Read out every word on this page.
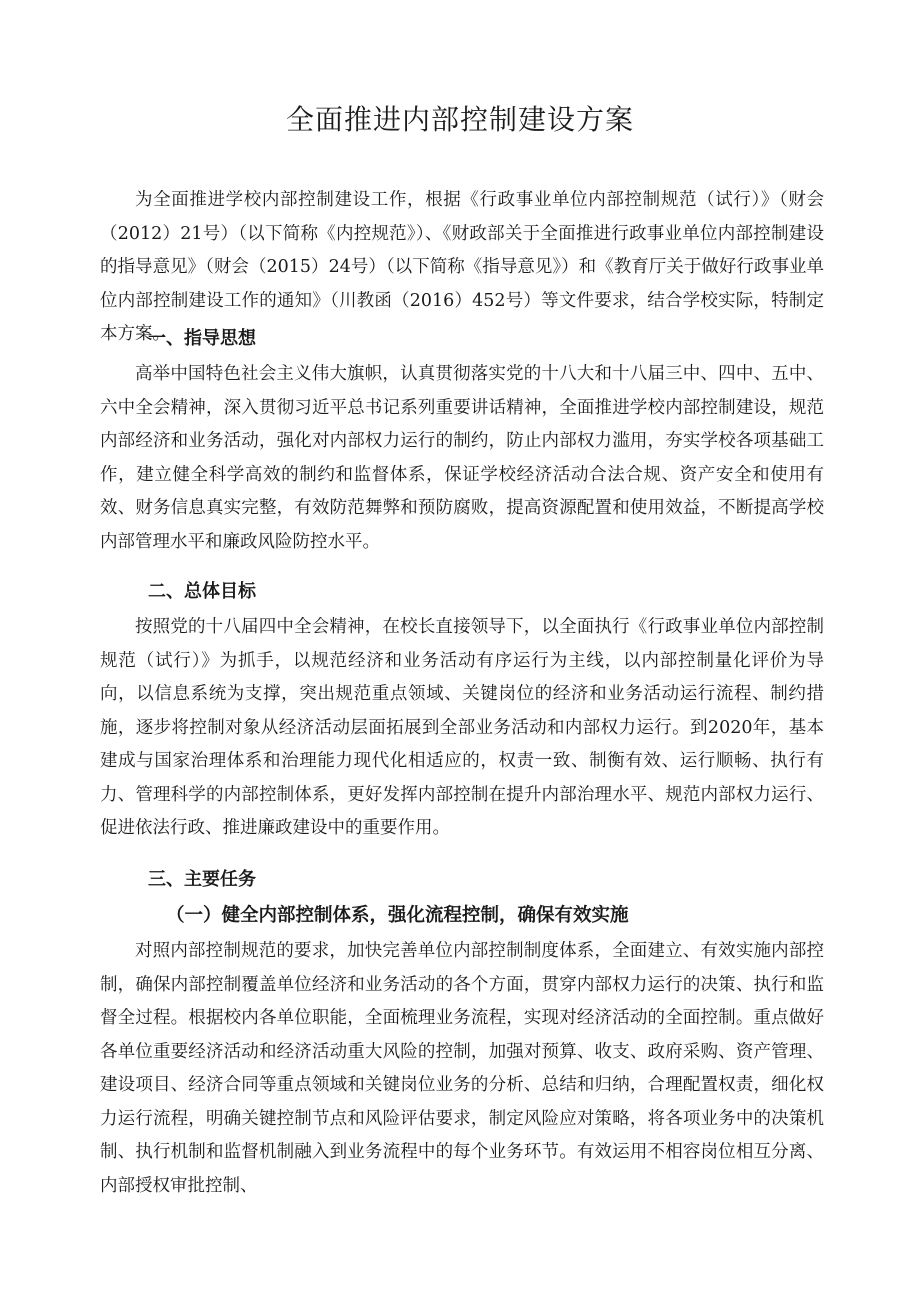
全面推进内部控制建设方案

为全面推进学校内部控制建设工作，根据《行政事业单位内部控制规范（试行）》（财会（2012）21号）（以下简称《内控规范》）、《财政部关于全面推进行政事业单位内部控制建设的指导意见》（财会（2015）24号）（以下简称《指导意见》）和《教育厅关于做好行政事业单位内部控制建设工作的通知》（川教函（2016）452号）等文件要求，结合学校实际，特制定本方案。

一、指导思想

高举中国特色社会主义伟大旗帜，认真贯彻落实党的十八大和十八届三中、四中、五中、六中全会精神，深入贯彻习近平总书记系列重要讲话精神，全面推进学校内部控制建设，规范内部经济和业务活动，强化对内部权力运行的制约，防止内部权力滥用，夯实学校各项基础工作，建立健全科学高效的制约和监督体系，保证学校经济活动合法合规、资产安全和使用有效、财务信息真实完整，有效防范舞弊和预防腐败，提高资源配置和使用效益，不断提高学校内部管理水平和廉政风险防控水平。

二、总体目标

按照党的十八届四中全会精神，在校长直接领导下，以全面执行《行政事业单位内部控制规范（试行）》为抓手，以规范经济和业务活动有序运行为主线，以内部控制量化评价为导向，以信息系统为支撑，突出规范重点领域、关键岗位的经济和业务活动运行流程、制约措施，逐步将控制对象从经济活动层面拓展到全部业务活动和内部权力运行。到2020年，基本建成与国家治理体系和治理能力现代化相适应的，权责一致、制衡有效、运行顺畅、执行有力、管理科学的内部控制体系，更好发挥内部控制在提升内部治理水平、规范内部权力运行、促进依法行政、推进廉政建设中的重要作用。

三、主要任务
（一）健全内部控制体系，强化流程控制，确保有效实施

对照内部控制规范的要求，加快完善单位内部控制制度体系，全面建立、有效实施内部控制，确保内部控制覆盖单位经济和业务活动的各个方面，贯穿内部权力运行的决策、执行和监督全过程。根据校内各单位职能，全面梳理业务流程，实现对经济活动的全面控制。重点做好各单位重要经济活动和经济活动重大风险的控制，加强对预算、收支、政府采购、资产管理、建设项目、经济合同等重点领域和关键岗位业务的分析、总结和归纳，合理配置权责，细化权力运行流程，明确关键控制节点和风险评估要求，制定风险应对策略，将各项业务中的决策机制、执行机制和监督机制融入到业务流程中的每个业务环节。有效运用不相容岗位相互分离、内部授权审批控制、
